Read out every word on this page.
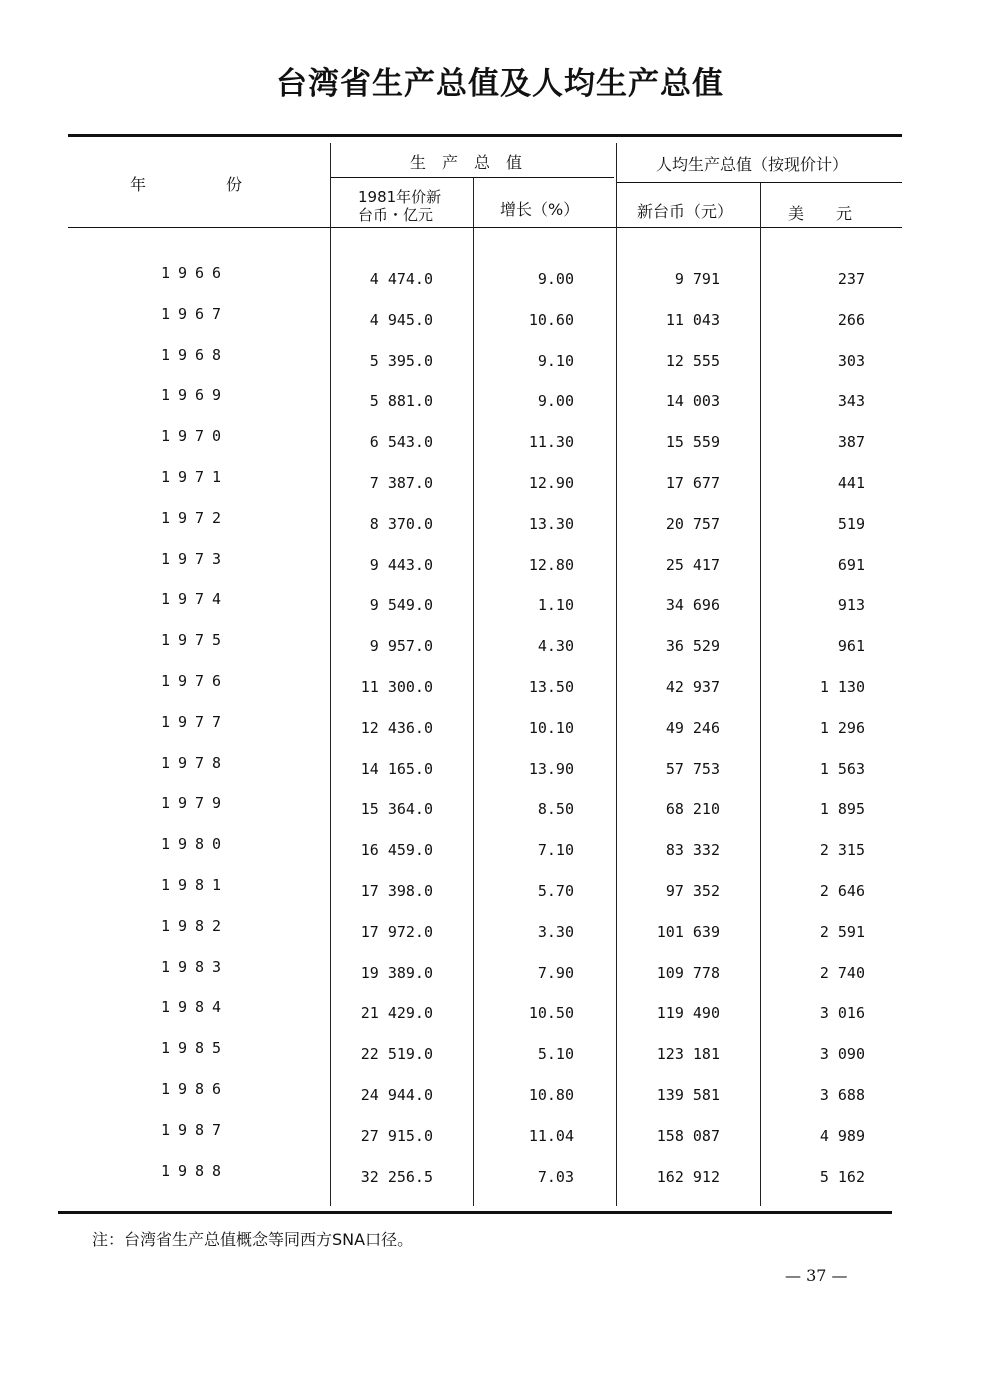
台湾省生产总值及人均生产总值
年　　　　　份
生　产　总　值
1981年价新
台币・亿元	增长（%）
人均生产总值（按现价计）
新台币（元）	美　　元
1966	4 474.0	9.00	9 791	237
1967	4 945.0	10.60	11 043	266
1968	5 395.0	9.10	12 555	303
1969	5 881.0	9.00	14 003	343
1970	6 543.0	11.30	15 559	387
1971	7 387.0	12.90	17 677	441
1972	8 370.0	13.30	20 757	519
1973	9 443.0	12.80	25 417	691
1974	9 549.0	1.10	34 696	913
1975	9 957.0	4.30	36 529	961
1976	11 300.0	13.50	42 937	1 130
1977	12 436.0	10.10	49 246	1 296
1978	14 165.0	13.90	57 753	1 563
1979	15 364.0	8.50	68 210	1 895
1980	16 459.0	7.10	83 332	2 315
1981	17 398.0	5.70	97 352	2 646
1982	17 972.0	3.30	101 639	2 591
1983	19 389.0	7.90	109 778	2 740
1984	21 429.0	10.50	119 490	3 016
1985	22 519.0	5.10	123 181	3 090
1986	24 944.0	10.80	139 581	3 688
1987	27 915.0	11.04	158 087	4 989
1988	32 256.5	7.03	162 912	5 162
注：台湾省生产总值概念等同西方SNA口径。
— 37 —
